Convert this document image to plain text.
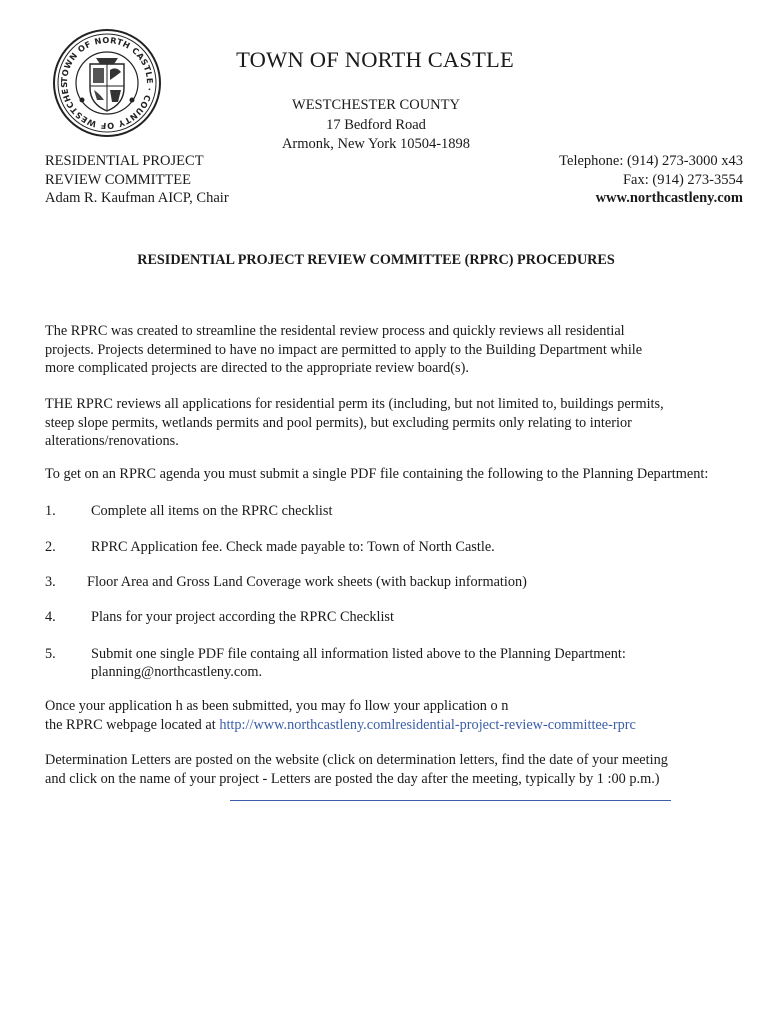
TOWN OF NORTH CASTLE · COUNTY OF WESTCHES
TOWN OF NORTH CASTLE
WESTCHESTER COUNTY
17 Bedford Road
Armonk, New York 10504-1898
RESIDENTIAL PROJECT
REVIEW COMMITTEE
Adam R. Kaufman AICP, Chair
Telephone: (914) 273-3000 x43
Fax: (914) 273-3554
www.northcastleny.com
RESIDENTIAL PROJECT REVIEW COMMITTEE (RPRC) PROCEDURES
The RPRC was created to streamline the residental review process and quickly reviews all residential
projects. Projects determined to have no impact are permitted to apply to the Building Department while
more complicated projects are directed to the appropriate review board(s).
THE RPRC reviews all applications for residential perm its (including, but not limited to, buildings permits,
steep slope permits, wetlands permits and pool permits), but excluding permits only relating to interior
alterations/renovations.
To get on an RPRC agenda you must submit a single PDF file containing the following to the Planning Department:
1. Complete all items on the RPRC checklist
2. RPRC Application fee. Check made payable to: Town of North Castle.
3. Floor Area and Gross Land Coverage work sheets (with backup information)
4. Plans for your project according the RPRC Checklist
5. Submit one single PDF file containg all information listed above to the Planning Department:
planning@northcastleny.com.
Once your application h as been submitted, you may fo llow your application o n
the RPRC webpage located at http://www.northcastleny.comlresidential-project-review-committee-rprc
Determination Letters are posted on the website (click on determination letters, find the date of your meeting
and click on the name of your project - Letters are posted the day after the meeting, typically by 1 :00 p.m.)
